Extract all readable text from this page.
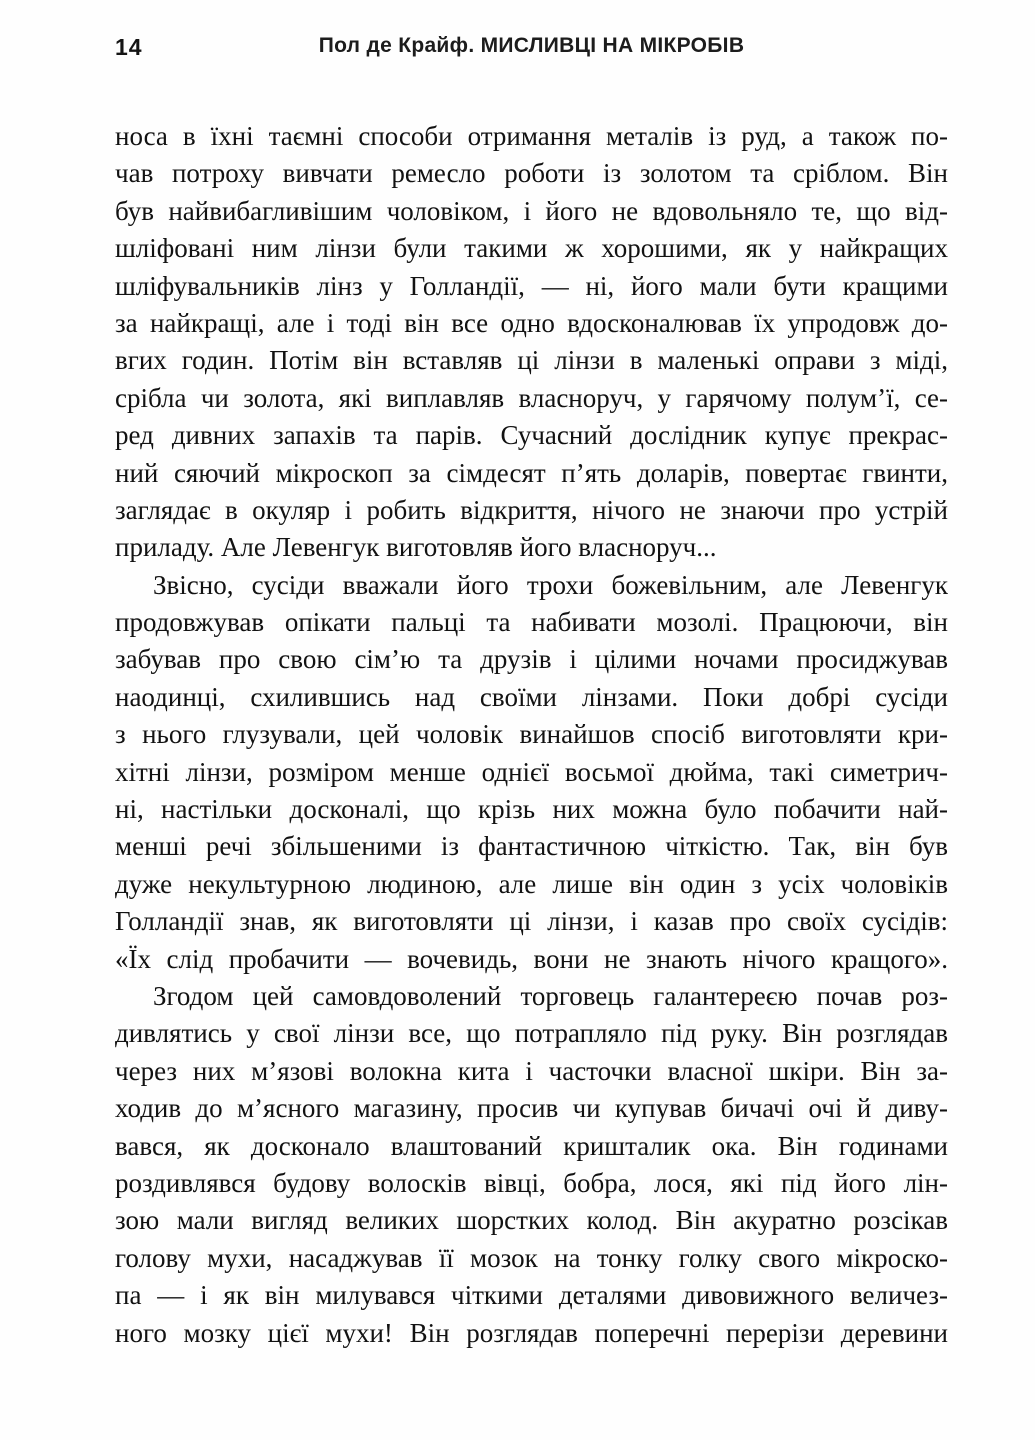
14	Пол де Крайф. МИСЛИВЦІ НА МІКРОБІВ
носа в їхні таємні способи отримання металів із руд, а також по-
чав потроху вивчати ремесло роботи із золотом та сріблом. Він
був найвибагливішим чоловіком, і його не вдовольняло те, що від-
шліфовані ним лінзи були такими ж хорошими, як у найкращих
шліфувальників лінз у Голландії, — ні, його мали бути кращими
за найкращі, але і тоді він все одно вдосконалював їх упродовж до-
вгих годин. Потім він вставляв ці лінзи в маленькі оправи з міді,
срібла чи золота, які виплавляв власноруч, у гарячому полум’ї, се-
ред дивних запахів та парів. Сучасний дослідник купує прекрас-
ний сяючий мікроскоп за сімдесят п’ять доларів, повертає гвинти,
заглядає в окуляр і робить відкриття, нічого не знаючи про устрій
приладу. Але Левенгук виготовляв його власноруч...
Звісно, сусіди вважали його трохи божевільним, але Левенгук
продовжував опікати пальці та набивати мозолі. Працюючи, він
забував про свою сім’ю та друзів і цілими ночами просиджував
наодинці, схилившись над своїми лінзами. Поки добрі сусіди
з нього глузували, цей чоловік винайшов спосіб виготовляти кри-
хітні лінзи, розміром менше однієї восьмої дюйма, такі симетрич-
ні, настільки досконалі, що крізь них можна було побачити най-
менші речі збільшеними із фантастичною чіткістю. Так, він був
дуже некультурною людиною, але лише він один з усіх чоловіків
Голландії знав, як виготовляти ці лінзи, і казав про своїх сусідів:
«Їх слід пробачити — вочевидь, вони не знають нічого кращого».
Згодом цей самовдоволений торговець галантереєю почав роз-
дивлятись у свої лінзи все, що потрапляло під руку. Він розглядав
через них м’язові волокна кита і часточки власної шкіри. Він за-
ходив до м’ясного магазину, просив чи купував бичачі очі й диву-
вався, як досконало влаштований кришталик ока. Він годинами
роздивлявся будову волосків вівці, бобра, лося, які під його лін-
зою мали вигляд великих шорстких колод. Він акуратно розсікав
голову мухи, насаджував її мозок на тонку голку свого мікроско-
па — і як він милувався чіткими деталями дивовижного величез-
ного мозку цієї мухи! Він розглядав поперечні перерізи деревини
